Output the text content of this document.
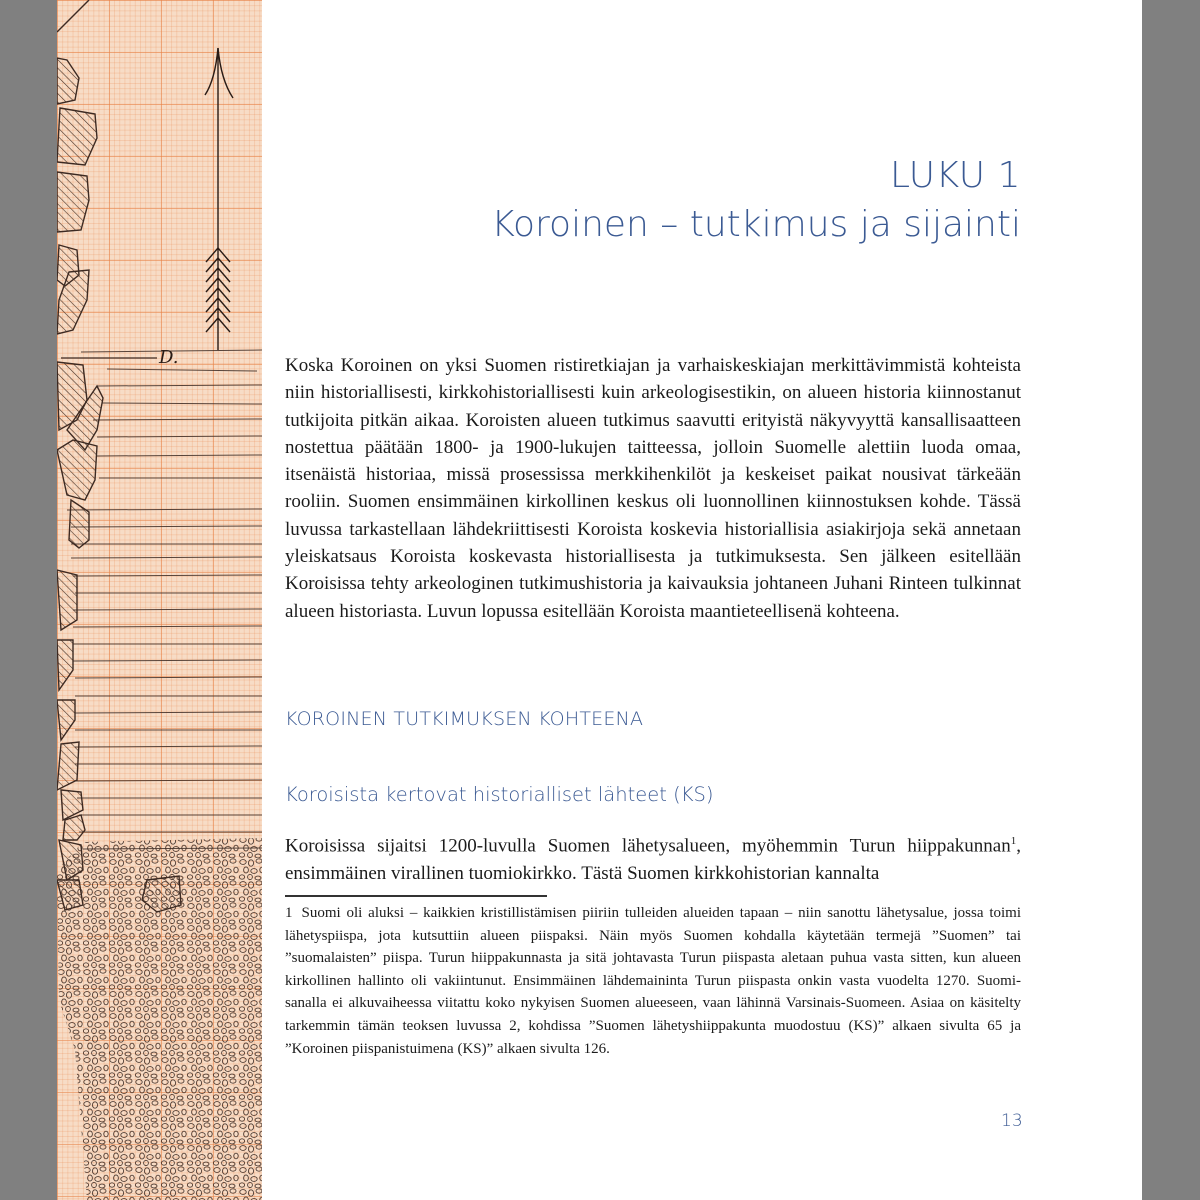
D.
LUKU 1
Koroinen – tutkimus ja sijainti

Koska Koroinen on yksi Suomen ristiretkiajan ja varhaiskeskiajan merkittävimmistä kohteista niin historiallisesti, kirkkohistoriallisesti kuin arkeologisestikin, on alueen historia kiinnostanut tutkijoita pitkän aikaa. Koroisten alueen tutkimus saavutti erityistä näkyvyyttä kansallisaatteen nostettua päätään 1800- ja 1900-lukujen taitteessa, jolloin Suomelle alettiin luoda omaa, itsenäistä historiaa, missä prosessissa merkkihenkilöt ja keskeiset paikat nousivat tärkeään rooliin. Suomen ensimmäinen kirkollinen keskus oli luonnollinen kiinnostuksen kohde. Tässä luvussa tarkastellaan lähdekriittisesti Koroista koskevia historiallisia asiakirjoja sekä annetaan yleiskatsaus Koroista koskevasta historiallisesta ja tutkimuksesta. Sen jälkeen esitellään Koroisissa tehty arkeologinen tutkimushistoria ja kaivauksia johtaneen Juhani Rinteen tulkinnat alueen historiasta. Luvun lopussa esitellään Koroista maantieteellisenä kohteena.

KOROINEN TUTKIMUKSEN KOHTEENA
Koroisista kertovat historialliset lähteet (KS)

Koroisissa sijaitsi 1200-luvulla Suomen lähetysalueen, myöhemmin Turun hiippakunnan$^1$, ensimmäinen virallinen tuomiokirkko. Tästä Suomen kirkkohistorian kannalta

1 Suomi oli aluksi – kaikkien kristillistämisen piiriin tulleiden alueiden tapaan – niin sanottu lähetysalue, jossa toimi lähetyspiispa, jota kutsuttiin alueen piispaksi. Näin myös Suomen kohdalla käytetään termejä ”Suomen” tai ”suomalaisten” piispa. Turun hiippakunnasta ja sitä johtavasta Turun piispasta aletaan puhua vasta sitten, kun alueen kirkollinen hallinto oli vakiintunut. Ensimmäinen lähdemaininta Turun piispasta onkin vasta vuodelta 1270. Suomi-sanalla ei alkuvaiheessa viitattu koko nykyisen Suomen alueeseen, vaan lähinnä Varsinais-Suomeen. Asiaa on käsitelty tarkemmin tämän teoksen luvussa 2, kohdissa ”Suomen lähetyshiippakunta muodostuu (KS)” alkaen sivulta 65 ja ”Koroinen piispanistuimena (KS)” alkaen sivulta 126.

13
